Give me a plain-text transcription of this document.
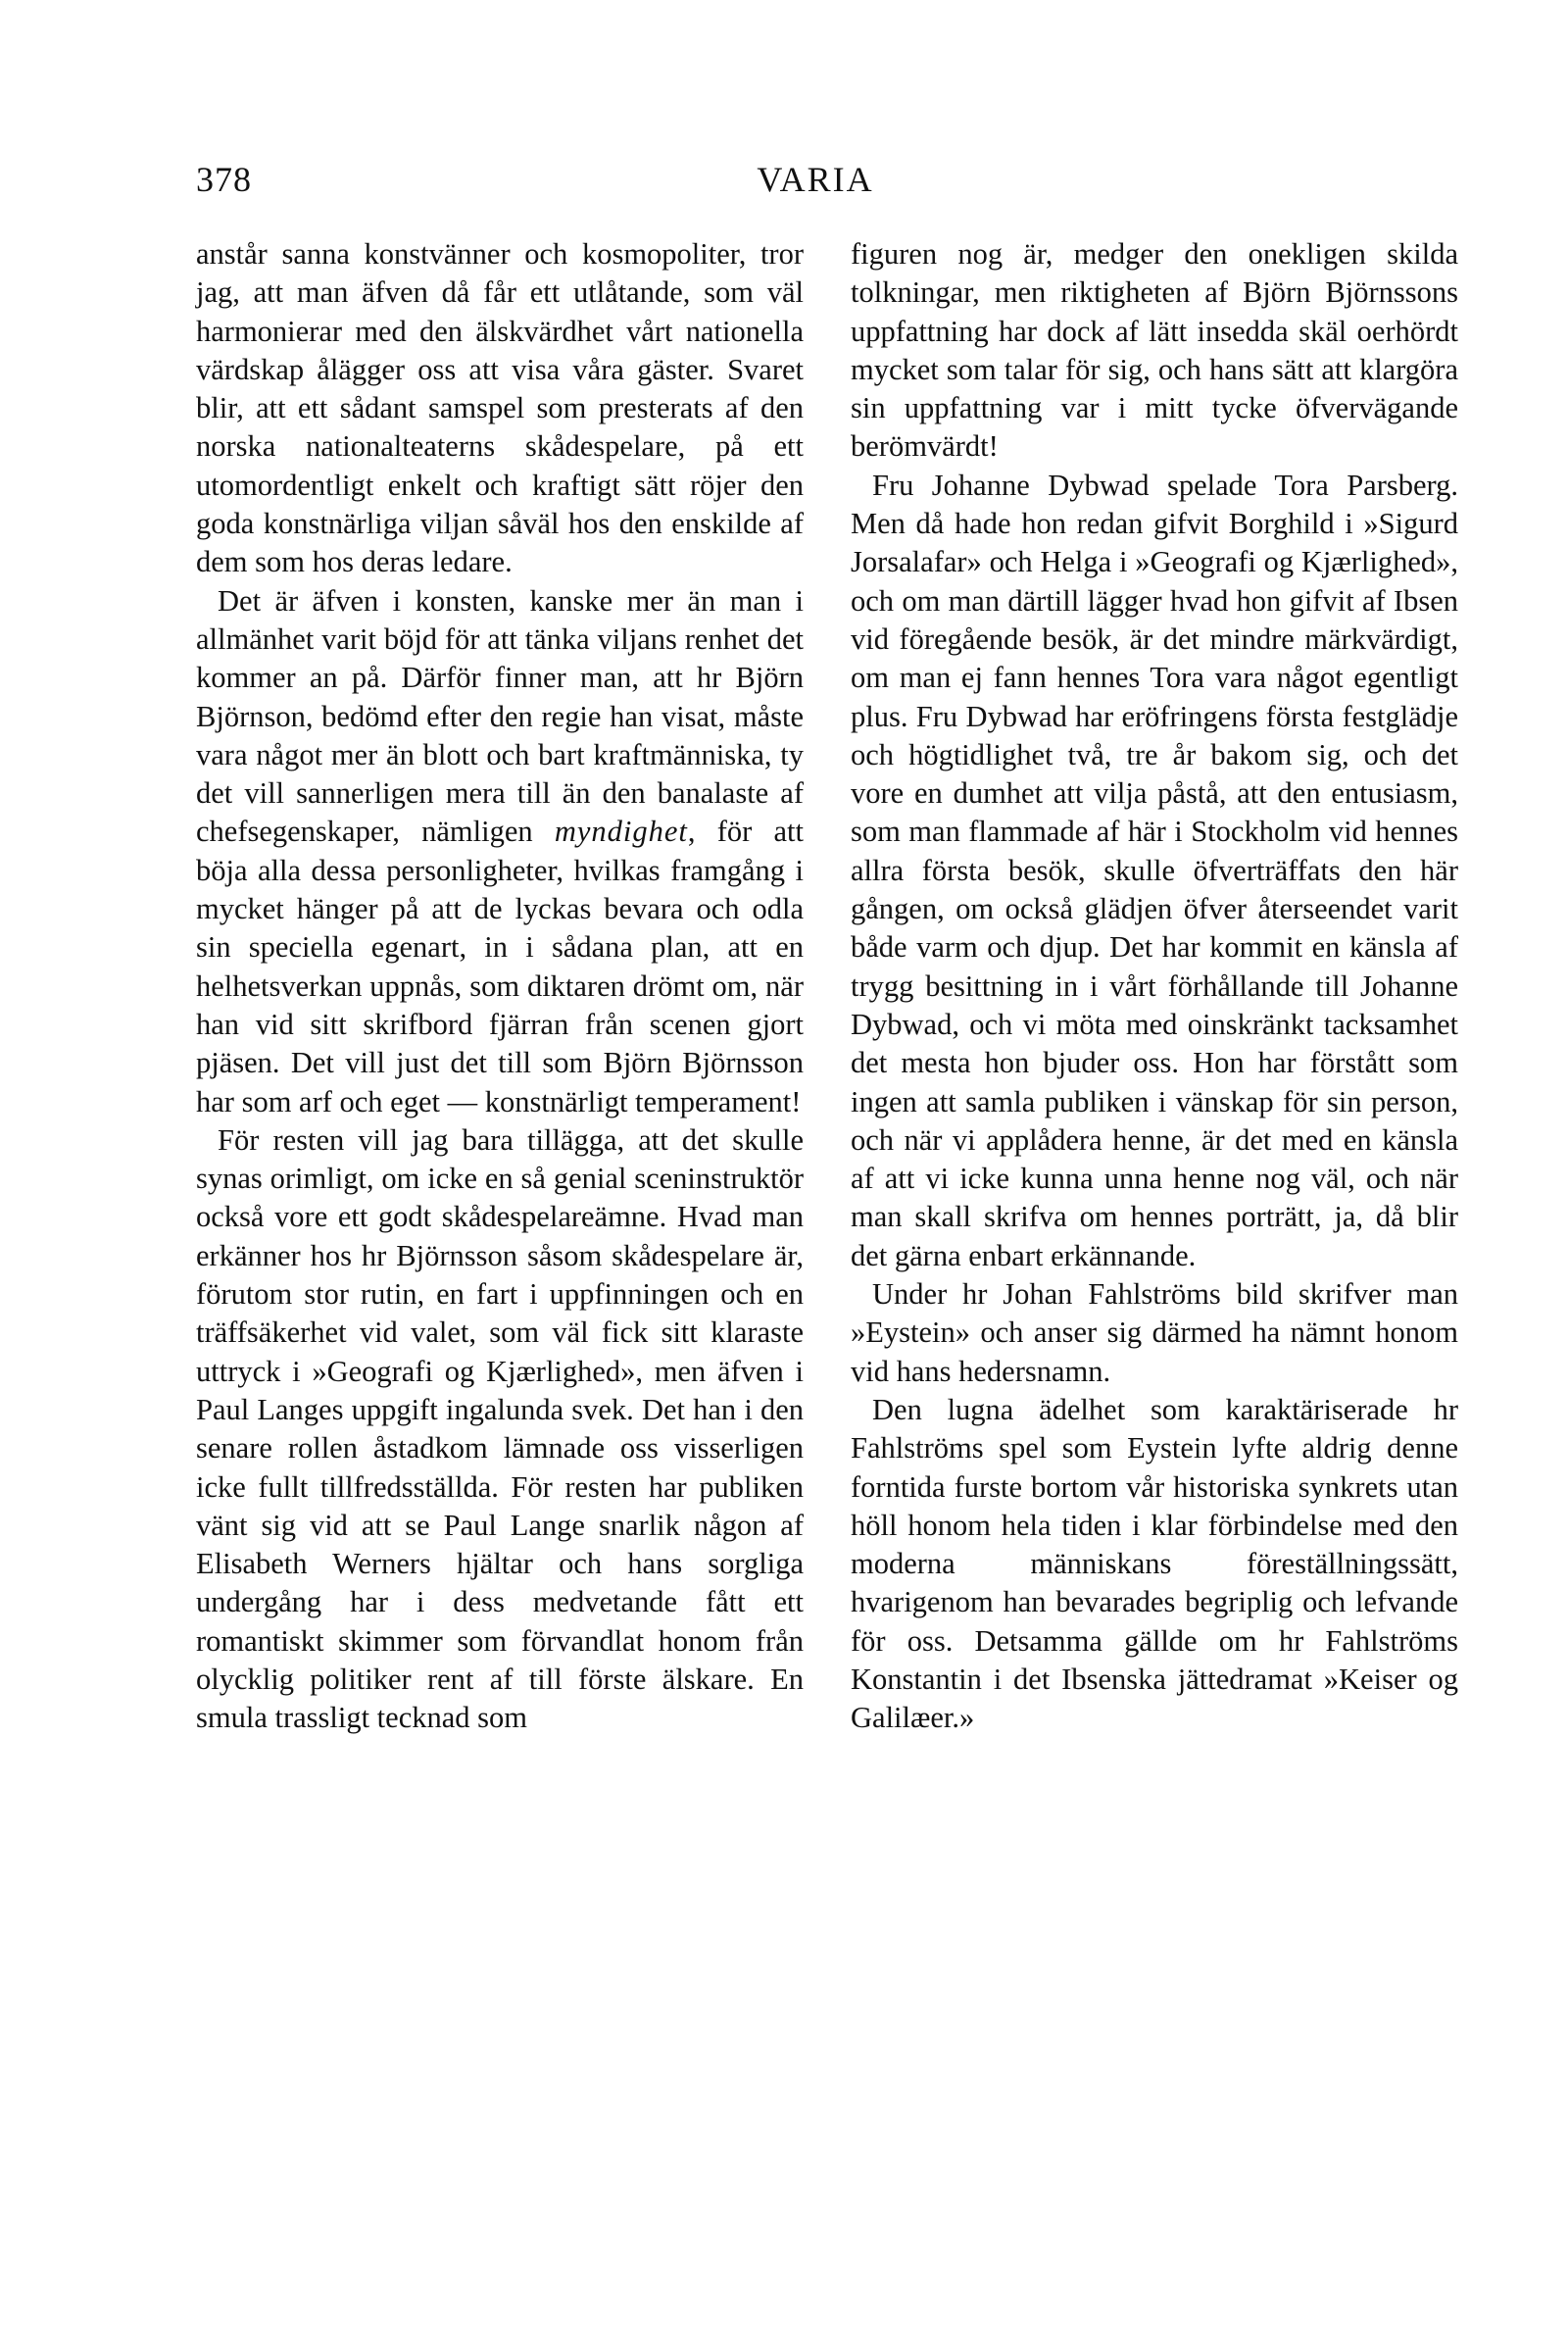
378	VARIA

anstår sanna konstvänner och kosmopoliter, tror jag, att man äfven då får ett utlåtande, som väl harmonierar med den älskvärdhet vårt nationella värdskap ålägger oss att visa våra gäster. Svaret blir, att ett sådant samspel som presterats af den norska nationalteaterns skådespelare, på ett utomordentligt enkelt och kraftigt sätt röjer den goda konstnärliga viljan såväl hos den enskilde af dem som hos deras ledare.

Det är äfven i konsten, kanske mer än man i allmänhet varit böjd för att tänka viljans renhet det kommer an på. Därför finner man, att hr Björn Björnson, bedömd efter den regie han visat, måste vara något mer än blott och bart kraftmänniska, ty det vill sannerligen mera till än den banalaste af chefsegenskaper, nämligen myndighet, för att böja alla dessa personligheter, hvilkas framgång i mycket hänger på att de lyckas bevara och odla sin speciella egenart, in i sådana plan, att en helhetsverkan uppnås, som diktaren drömt om, när han vid sitt skrifbord fjärran från scenen gjort pjäsen. Det vill just det till som Björn Björnsson har som arf och eget — konstnärligt temperament!

För resten vill jag bara tillägga, att det skulle synas orimligt, om icke en så genial sceninstruktör också vore ett godt skådespelareämne. Hvad man erkänner hos hr Björnsson såsom skådespelare är, förutom stor rutin, en fart i uppfinningen och en träffsäkerhet vid valet, som väl fick sitt klaraste uttryck i »Geografi og Kjærlighed», men äfven i Paul Langes uppgift ingalunda svek. Det han i den senare rollen åstadkom lämnade oss visserligen icke fullt tillfredsställda. För resten har publiken vänt sig vid att se Paul Lange snarlik någon af Elisabeth Werners hjältar och hans sorgliga undergång har i dess medvetande fått ett romantiskt skimmer som förvandlat honom från olycklig politiker rent af till förste älskare. En smula trassligt tecknad som

figuren nog är, medger den onekligen skilda tolkningar, men riktigheten af Björn Björnssons uppfattning har dock af lätt insedda skäl oerhördt mycket som talar för sig, och hans sätt att klargöra sin uppfattning var i mitt tycke öfvervägande berömvärdt!

Fru Johanne Dybwad spelade Tora Parsberg. Men då hade hon redan gifvit Borghild i »Sigurd Jorsalafar» och Helga i »Geografi og Kjærlighed», och om man därtill lägger hvad hon gifvit af Ibsen vid föregående besök, är det mindre märkvärdigt, om man ej fann hennes Tora vara något egentligt plus. Fru Dybwad har eröfringens första festglädje och högtidlighet två, tre år bakom sig, och det vore en dumhet att vilja påstå, att den entusiasm, som man flammade af här i Stockholm vid hennes allra första besök, skulle öfverträffats den här gången, om också glädjen öfver återseendet varit både varm och djup. Det har kommit en känsla af trygg besittning in i vårt förhållande till Johanne Dybwad, och vi möta med oinskränkt tacksamhet det mesta hon bjuder oss. Hon har förstått som ingen att samla publiken i vänskap för sin person, och när vi applådera henne, är det med en känsla af att vi icke kunna unna henne nog väl, och när man skall skrifva om hennes porträtt, ja, då blir det gärna enbart erkännande.

Under hr Johan Fahlströms bild skrifver man »Eystein» och anser sig därmed ha nämnt honom vid hans hedersnamn.

Den lugna ädelhet som karaktäriserade hr Fahlströms spel som Eystein lyfte aldrig denne forntida furste bortom vår historiska synkrets utan höll honom hela tiden i klar förbindelse med den moderna människans föreställningssätt, hvarigenom han bevarades begriplig och lefvande för oss. Detsamma gällde om hr Fahlströms Konstantin i det Ibsenska jättedramat »Keiser og Galilæer.»
